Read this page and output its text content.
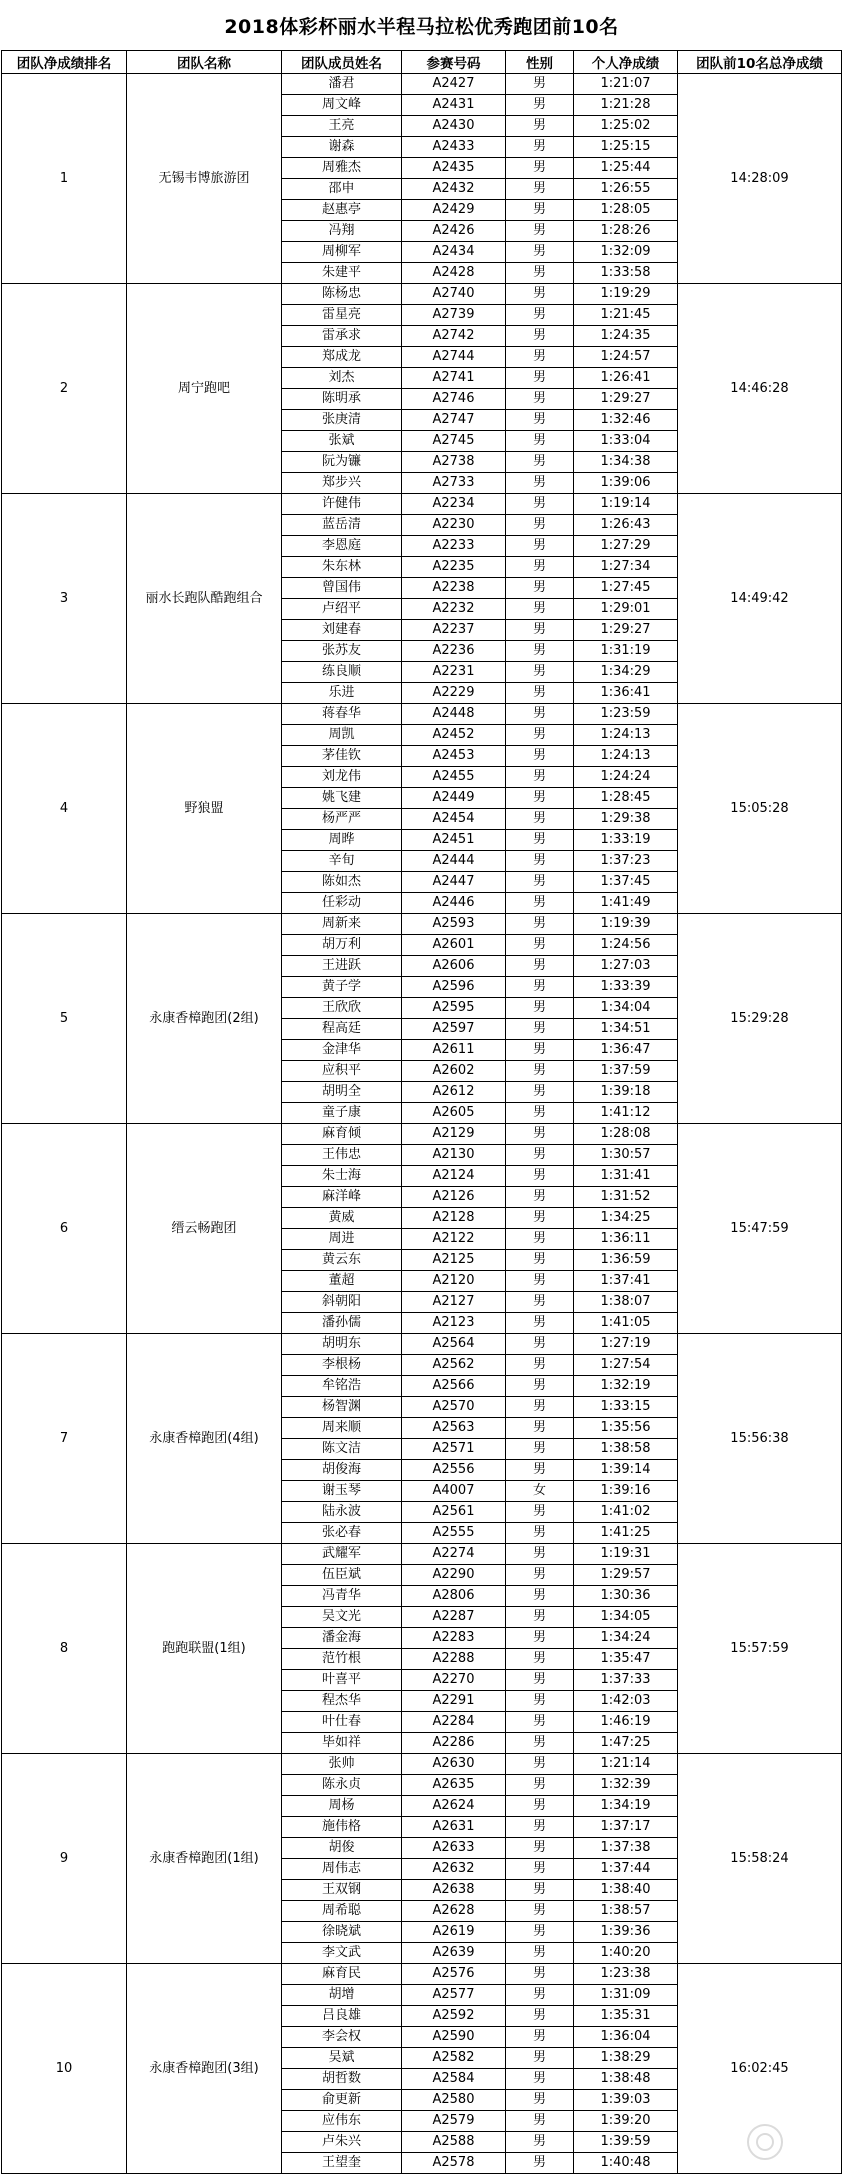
2018体彩杯丽水半程马拉松优秀跑团前10名
团队净成绩排名	团队名称	团队成员姓名	参赛号码	性别	个人净成绩	团队前10名总净成绩
1	无锡韦博旅游团	潘君	A2427	男	1:21:07	14:28:09
		周文峰	A2431	男	1:21:28	
		王亮	A2430	男	1:25:02	
		谢森	A2433	男	1:25:15	
		周雅杰	A2435	男	1:25:44	
		邵申	A2432	男	1:26:55	
		赵惠亭	A2429	男	1:28:05	
		冯翔	A2426	男	1:28:26	
		周柳军	A2434	男	1:32:09	
		朱建平	A2428	男	1:33:58	
2	周宁跑吧	陈杨忠	A2740	男	1:19:29	14:46:28
		雷星亮	A2739	男	1:21:45	
		雷承求	A2742	男	1:24:35	
		郑成龙	A2744	男	1:24:57	
		刘杰	A2741	男	1:26:41	
		陈明承	A2746	男	1:29:27	
		张庚清	A2747	男	1:32:46	
		张斌	A2745	男	1:33:04	
		阮为镰	A2738	男	1:34:38	
		郑步兴	A2733	男	1:39:06	
3	丽水长跑队酷跑组合	许健伟	A2234	男	1:19:14	14:49:42
		蓝岳清	A2230	男	1:26:43	
		李恩庭	A2233	男	1:27:29	
		朱东林	A2235	男	1:27:34	
		曾国伟	A2238	男	1:27:45	
		卢绍平	A2232	男	1:29:01	
		刘建春	A2237	男	1:29:27	
		张苏友	A2236	男	1:31:19	
		练良顺	A2231	男	1:34:29	
		乐进	A2229	男	1:36:41	
4	野狼盟	蒋春华	A2448	男	1:23:59	15:05:28
		周凯	A2452	男	1:24:13	
		茅佳钦	A2453	男	1:24:13	
		刘龙伟	A2455	男	1:24:24	
		姚飞建	A2449	男	1:28:45	
		杨严严	A2454	男	1:29:38	
		周晔	A2451	男	1:33:19	
		辛旬	A2444	男	1:37:23	
		陈如杰	A2447	男	1:37:45	
		任彩动	A2446	男	1:41:49	
5	永康香樟跑团(2组)	周新来	A2593	男	1:19:39	15:29:28
		胡万利	A2601	男	1:24:56	
		王进跃	A2606	男	1:27:03	
		黄子学	A2596	男	1:33:39	
		王欣欣	A2595	男	1:34:04	
		程高廷	A2597	男	1:34:51	
		金津华	A2611	男	1:36:47	
		应积平	A2602	男	1:37:59	
		胡明全	A2612	男	1:39:18	
		童子康	A2605	男	1:41:12	
6	缙云畅跑团	麻育倾	A2129	男	1:28:08	15:47:59
		王伟忠	A2130	男	1:30:57	
		朱士海	A2124	男	1:31:41	
		麻洋峰	A2126	男	1:31:52	
		黄威	A2128	男	1:34:25	
		周进	A2122	男	1:36:11	
		黄云东	A2125	男	1:36:59	
		董超	A2120	男	1:37:41	
		斜朝阳	A2127	男	1:38:07	
		潘孙儒	A2123	男	1:41:05	
7	永康香樟跑团(4组)	胡明东	A2564	男	1:27:19	15:56:38
		李根杨	A2562	男	1:27:54	
		牟铭浩	A2566	男	1:32:19	
		杨智渊	A2570	男	1:33:15	
		周来顺	A2563	男	1:35:56	
		陈文洁	A2571	男	1:38:58	
		胡俊海	A2556	男	1:39:14	
		谢玉琴	A4007	女	1:39:16	
		陆永波	A2561	男	1:41:02	
		张必春	A2555	男	1:41:25	
8	跑跑联盟(1组)	武耀军	A2274	男	1:19:31	15:57:59
		伍臣斌	A2290	男	1:29:57	
		冯青华	A2806	男	1:30:36	
		吴文光	A2287	男	1:34:05	
		潘金海	A2283	男	1:34:24	
		范竹根	A2288	男	1:35:47	
		叶喜平	A2270	男	1:37:33	
		程杰华	A2291	男	1:42:03	
		叶仕春	A2284	男	1:46:19	
		毕如祥	A2286	男	1:47:25	
9	永康香樟跑团(1组)	张帅	A2630	男	1:21:14	15:58:24
		陈永贞	A2635	男	1:32:39	
		周杨	A2624	男	1:34:19	
		施伟格	A2631	男	1:37:17	
		胡俊	A2633	男	1:37:38	
		周伟志	A2632	男	1:37:44	
		王双钢	A2638	男	1:38:40	
		周希聪	A2628	男	1:38:57	
		徐晓斌	A2619	男	1:39:36	
		李文武	A2639	男	1:40:20	
10	永康香樟跑团(3组)	麻育民	A2576	男	1:23:38	16:02:45
		胡增	A2577	男	1:31:09	
		吕良雄	A2592	男	1:35:31	
		李会权	A2590	男	1:36:04	
		吴斌	A2582	男	1:38:29	
		胡哲数	A2584	男	1:38:48	
		俞更新	A2580	男	1:39:03	
		应伟东	A2579	男	1:39:20	
		卢朱兴	A2588	男	1:39:59	
		王望奎	A2578	男	1:40:48	
